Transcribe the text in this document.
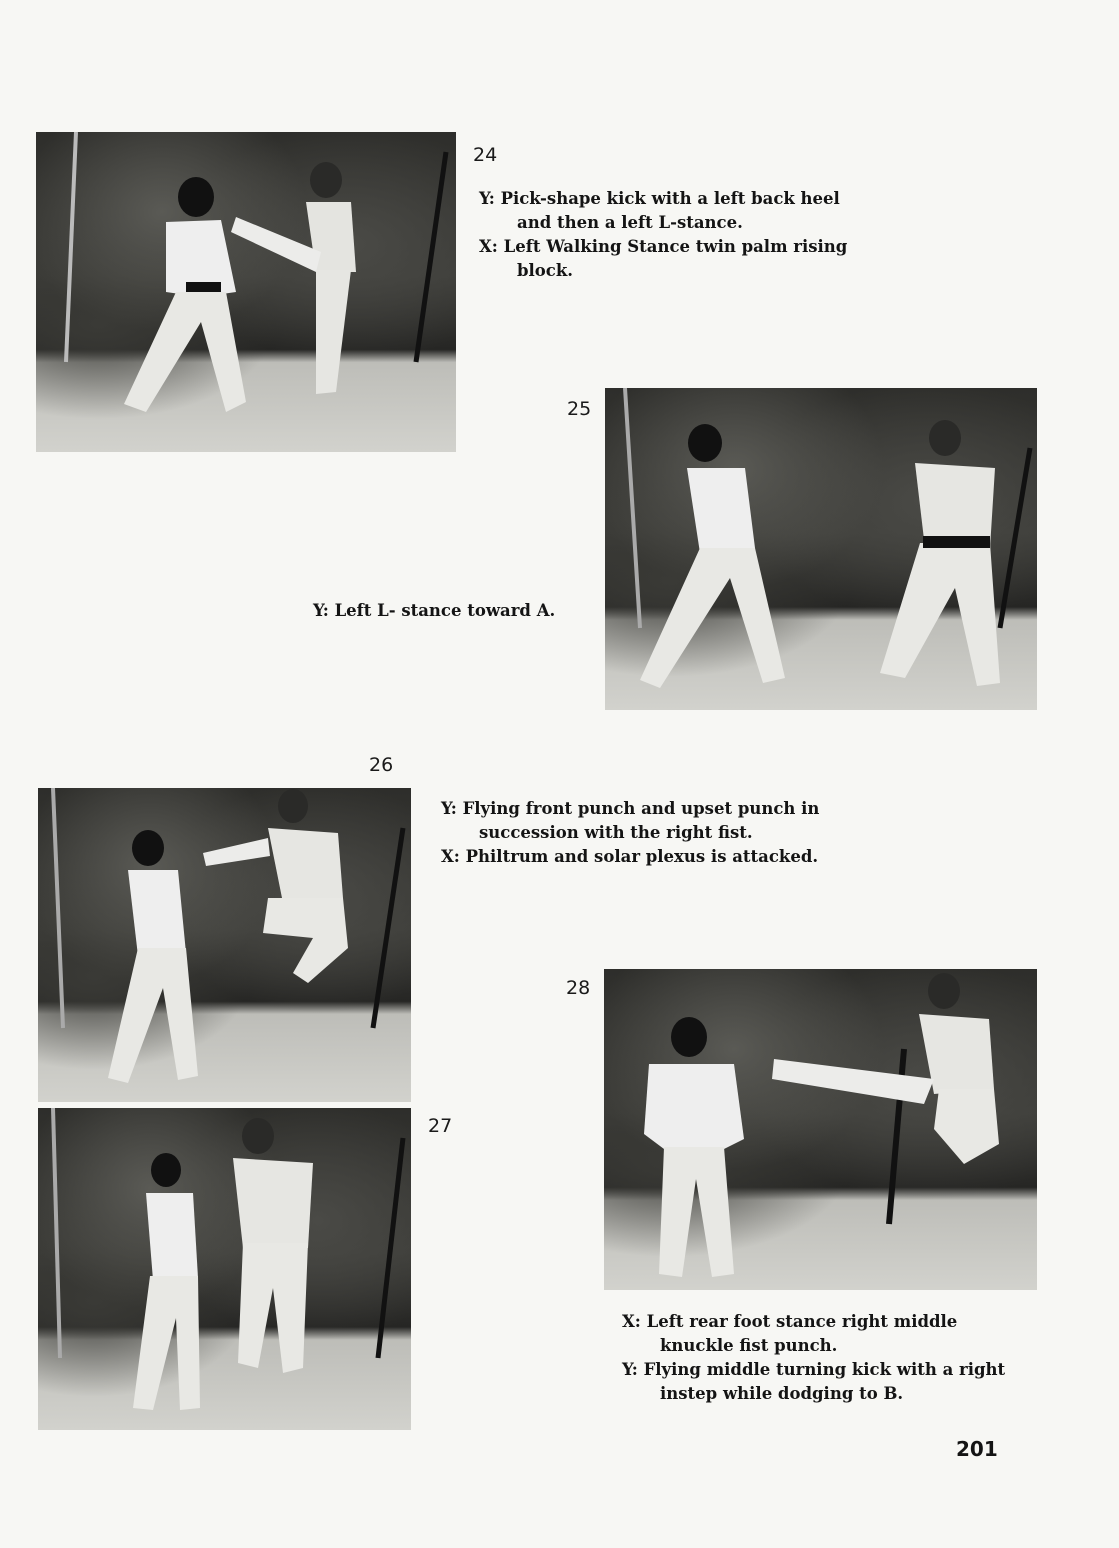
24
Y: Pick-shape kick with a left back heel
and then a left L-stance.
X: Left Walking Stance twin palm rising
block.
25
Y: Left L- stance toward A.
26
Y: Flying front punch and upset punch in
succession with the right fist.
X: Philtrum and solar plexus is attacked.
27
28
X: Left rear foot stance right middle
knuckle fist punch.
Y: Flying middle turning kick with a right
instep while dodging to B.
201
